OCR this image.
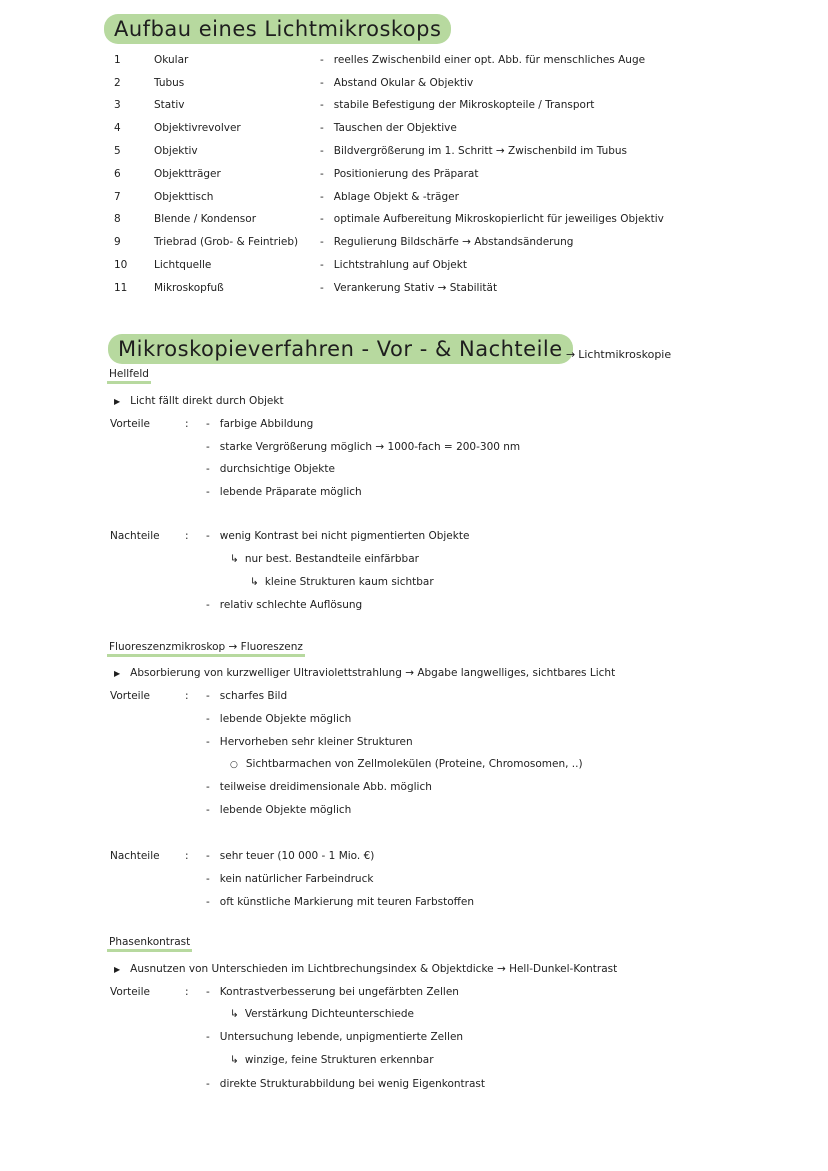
Aufbau eines Lichtmikroskops
1	Okular	- reelles Zwischenbild einer opt. Abb. für menschliches Auge
2	Tubus	- Abstand Okular & Objektiv
3	Stativ	- stabile Befestigung der Mikroskopteile / Transport
4	Objektivrevolver	- Tauschen der Objektive
5	Objektiv	- Bildvergrößerung im 1. Schritt → Zwischenbild im Tubus
6	Objektträger	- Positionierung des Präparat
7	Objekttisch	- Ablage Objekt & -träger
8	Blende / Kondensor	- optimale Aufbereitung Mikroskopierlicht für jeweiliges Objektiv
9	Triebrad (Grob- & Feintrieb) - Regulierung Bildschärfe → Abstandsänderung
10	Lichtquelle	- Lichtstrahlung auf Objekt
11	Mikroskopfuß	- Verankerung Stativ → Stabilität
Mikroskopieverfahren - Vor - & Nachteile → Lichtmikroskopie
Hellfeld
▶ Licht fällt direkt durch Objekt
Vorteile	: - farbige Abbildung
- starke Vergrößerung möglich → 1000-fach = 200-300 nm
- durchsichtige Objekte
- lebende Präparate möglich
Nachteile : - wenig Kontrast bei nicht pigmentierten Objekte
↳ nur best. Bestandteile einfärbbar
↳ kleine Strukturen kaum sichtbar
- relativ schlechte Auflösung
Fluoreszenzmikroskop → Fluoreszenz
▶ Absorbierung von kurzwelliger Ultraviolettstrahlung → Abgabe langwelliges, sichtbares Licht
Vorteile	: - scharfes Bild
- lebende Objekte möglich
- Hervorheben sehr kleiner Strukturen
○ Sichtbarmachen von Zellmolekülen (Proteine, Chromosomen, ..)
- teilweise dreidimensionale Abb. möglich
- lebende Objekte möglich
Nachteile : - sehr teuer (10 000 - 1 Mio. €)
- kein natürlicher Farbeindruck
- oft künstliche Markierung mit teuren Farbstoffen
Phasenkontrast
▶ Ausnutzen von Unterschieden im Lichtbrechungsindex & Objektdicke → Hell-Dunkel-Kontrast
Vorteile	: - Kontrastverbesserung bei ungefärbten Zellen
↳ Verstärkung Dichteunterschiede
- Untersuchung lebende, unpigmentierte Zellen
↳ winzige, feine Strukturen erkennbar
- direkte Strukturabbildung bei wenig Eigenkontrast
